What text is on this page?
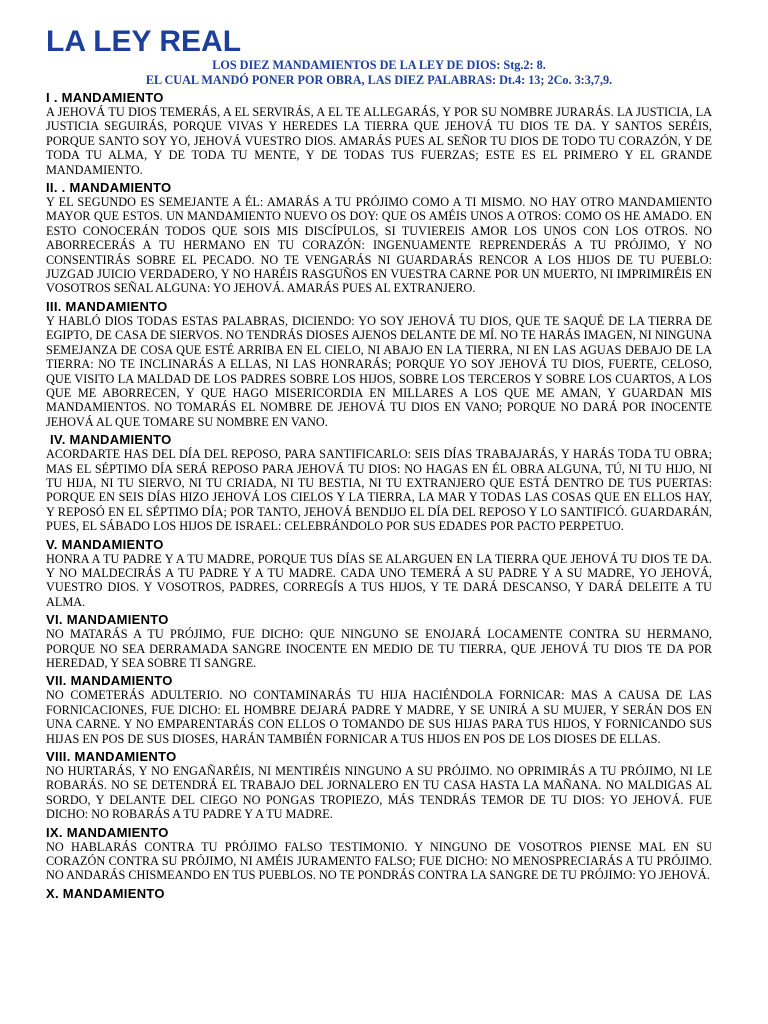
LA LEY REAL

LOS DIEZ MANDAMIENTOS DE LA LEY DE DIOS: Stg.2: 8.

EL CUAL MANDÓ PONER POR OBRA, LAS DIEZ PALABRAS: Dt.4: 13; 2Co. 3:3,7,9.

I . MANDAMIENTO

A JEHOVÁ TU DIOS TEMERÁS, A EL SERVIRÁS, A EL TE ALLEGARÁS, Y POR SU NOMBRE JURARÁS. LA JUSTICIA, LA JUSTICIA SEGUIRÁS, PORQUE VIVAS Y HEREDES LA TIERRA QUE JEHOVÁ TU DIOS TE DA. Y SANTOS SERÉIS, PORQUE SANTO SOY YO, JEHOVÁ VUESTRO DIOS. AMARÁS PUES AL SEÑOR TU DIOS DE TODO TU CORAZÓN, Y DE TODA TU ALMA, Y DE TODA TU MENTE, Y DE TODAS TUS FUERZAS; ESTE ES EL PRIMERO Y EL GRANDE MANDAMIENTO.

II. . MANDAMIENTO

Y EL SEGUNDO ES SEMEJANTE A ÉL: AMARÁS A TU PRÓJIMO COMO A TI MISMO. NO HAY OTRO MANDAMIENTO MAYOR QUE ESTOS. UN MANDAMIENTO NUEVO OS DOY: QUE OS AMÉIS UNOS A OTROS: COMO OS HE AMADO. EN ESTO CONOCERÁN TODOS QUE SOIS MIS DISCÍPULOS, SI TUVIEREIS AMOR LOS UNOS CON LOS OTROS. NO ABORRECERÁS A TU HERMANO EN TU CORAZÓN: INGENUAMENTE REPRENDERÁS A TU PRÓJIMO, Y NO CONSENTIRÁS SOBRE EL PECADO. NO TE VENGARÁS NI GUARDARÁS RENCOR A LOS HIJOS DE TU PUEBLO: JUZGAD JUICIO VERDADERO, Y NO HARÉIS RASGUÑOS EN VUESTRA CARNE POR UN MUERTO, NI IMPRIMIRÉIS EN VOSOTROS SEÑAL ALGUNA: YO JEHOVÁ. AMARÁS PUES AL EXTRANJERO.

III. MANDAMIENTO

Y HABLÓ DIOS TODAS ESTAS PALABRAS, DICIENDO: YO SOY JEHOVÁ TU DIOS, QUE TE SAQUÉ DE LA TIERRA DE EGIPTO, DE CASA DE SIERVOS. NO TENDRÁS DIOSES AJENOS DELANTE DE MÍ. NO TE HARÁS IMAGEN, NI NINGUNA SEMEJANZA DE COSA QUE ESTÉ ARRIBA EN EL CIELO, NI ABAJO EN LA TIERRA, NI EN LAS AGUAS DEBAJO DE LA TIERRA: NO TE INCLINARÁS A ELLAS, NI LAS HONRARÁS; PORQUE YO SOY JEHOVÁ TU DIOS, FUERTE, CELOSO, QUE VISITO LA MALDAD DE LOS PADRES SOBRE LOS HIJOS, SOBRE LOS TERCEROS Y SOBRE LOS CUARTOS, A LOS QUE ME ABORRECEN, Y QUE HAGO MISERICORDIA EN MILLARES A LOS QUE ME AMAN, Y GUARDAN MIS MANDAMIENTOS. NO TOMARÁS EL NOMBRE DE JEHOVÁ TU DIOS EN VANO; PORQUE NO DARÁ POR INOCENTE JEHOVÁ AL QUE TOMARE SU NOMBRE EN VANO.

IV. MANDAMIENTO

ACORDARTE HAS DEL DÍA DEL REPOSO, PARA SANTIFICARLO: SEIS DÍAS TRABAJARÁS, Y HARÁS TODA TU OBRA; MAS EL SÉPTIMO DÍA SERÁ REPOSO PARA JEHOVÁ TU DIOS: NO HAGAS EN ÉL OBRA ALGUNA, TÚ, NI TU HIJO, NI TU HIJA, NI TU SIERVO, NI TU CRIADA, NI TU BESTIA, NI TU EXTRANJERO QUE ESTÁ DENTRO DE TUS PUERTAS: PORQUE EN SEIS DÍAS HIZO JEHOVÁ LOS CIELOS Y LA TIERRA, LA MAR Y TODAS LAS COSAS QUE EN ELLOS HAY, Y REPOSÓ EN EL SÉPTIMO DÍA; POR TANTO, JEHOVÁ BENDIJO EL DÍA DEL REPOSO Y LO SANTIFICÓ. GUARDARÁN, PUES, EL SÁBADO LOS HIJOS DE ISRAEL: CELEBRÁNDOLO POR SUS EDADES POR PACTO PERPETUO.

V. MANDAMIENTO

HONRA A TU PADRE Y A TU MADRE, PORQUE TUS DÍAS SE ALARGUEN EN LA TIERRA QUE JEHOVÁ TU DIOS TE DA. Y NO MALDECIRÁS A TU PADRE Y A TU MADRE. CADA UNO TEMERÁ A SU PADRE Y A SU MADRE, YO JEHOVÁ, VUESTRO DIOS. Y VOSOTROS, PADRES, CORREGÍS A TUS HIJOS, Y TE DARÁ DESCANSO, Y DARÁ DELEITE A TU ALMA.

VI. MANDAMIENTO

NO MATARÁS A TU PRÓJIMO, FUE DICHO: QUE NINGUNO SE ENOJARÁ LOCAMENTE CONTRA SU HERMANO, PORQUE NO SEA DERRAMADA SANGRE INOCENTE EN MEDIO DE TU TIERRA, QUE JEHOVÁ TU DIOS TE DA POR HEREDAD, Y SEA SOBRE TI SANGRE.

VII. MANDAMIENTO

NO COMETERÁS ADULTERIO. NO CONTAMINARÁS TU HIJA HACIÉNDOLA FORNICAR: MAS A CAUSA DE LAS FORNICACIONES, FUE DICHO: EL HOMBRE DEJARÁ PADRE Y MADRE, Y SE UNIRÁ A SU MUJER, Y SERÁN DOS EN UNA CARNE. Y NO EMPARENTARÁS CON ELLOS O TOMANDO DE SUS HIJAS PARA TUS HIJOS, Y FORNICANDO SUS HIJAS EN POS DE SUS DIOSES, HARÁN TAMBIÉN FORNICAR A TUS HIJOS EN POS DE LOS DIOSES DE ELLAS.

VIII. MANDAMIENTO

NO HURTARÁS, Y NO ENGAÑARÉIS, NI MENTIRÉIS NINGUNO A SU PRÓJIMO. NO OPRIMIRÁS A TU PRÓJIMO, NI LE ROBARÁS. NO SE DETENDRÁ EL TRABAJO DEL JORNALERO EN TU CASA HASTA LA MAÑANA. NO MALDIGAS AL SORDO, Y DELANTE DEL CIEGO NO PONGAS TROPIEZO, MÁS TENDRÁS TEMOR DE TU DIOS: YO JEHOVÁ. FUE DICHO: NO ROBARÁS A TU PADRE Y A TU MADRE.

IX. MANDAMIENTO

NO HABLARÁS CONTRA TU PRÓJIMO FALSO TESTIMONIO. Y NINGUNO DE VOSOTROS PIENSE MAL EN SU CORAZÓN CONTRA SU PRÓJIMO, NI AMÉIS JURAMENTO FALSO; FUE DICHO: NO MENOSPRECIARÁS A TU PRÓJIMO. NO ANDARÁS CHISMEANDO EN TUS PUEBLOS. NO TE PONDRÁS CONTRA LA SANGRE DE TU PRÓJIMO: YO JEHOVÁ.

X. MANDAMIENTO
